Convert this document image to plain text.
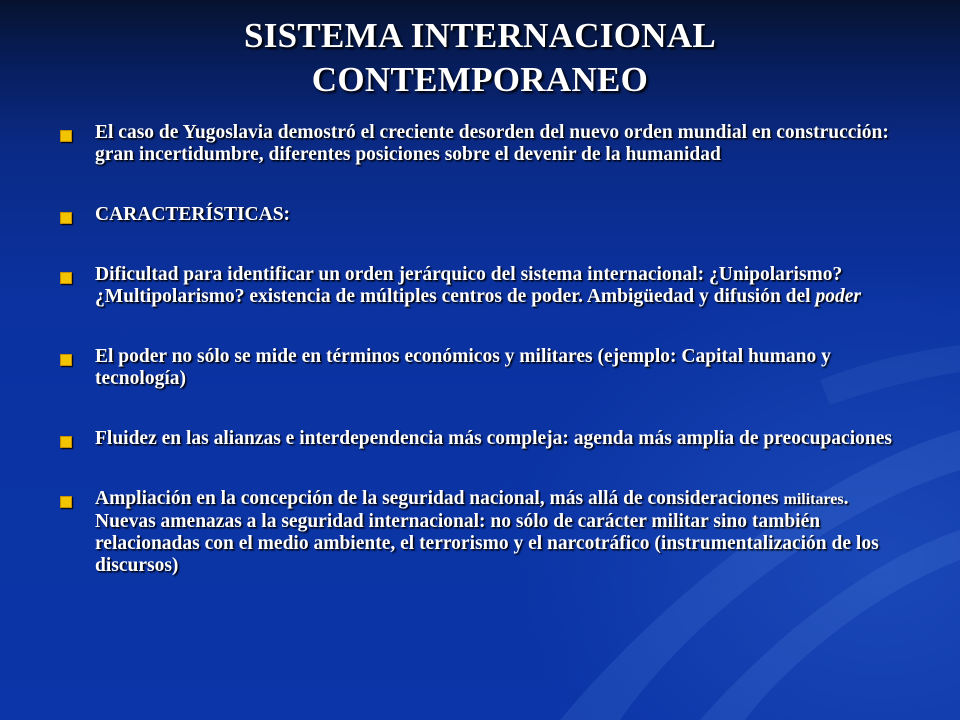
SISTEMA INTERNACIONAL
CONTEMPORANEO
El caso de Yugoslavia demostró el creciente desorden del nuevo orden mundial en construcción: gran incertidumbre, diferentes posiciones sobre el devenir de la humanidad
CARACTERÍSTICAS:
Dificultad para identificar un orden jerárquico del sistema internacional: ¿Unipolarismo? ¿Multipolarismo? existencia de múltiples centros de poder. Ambigüedad y difusión del poder
El poder no sólo se mide en términos económicos y militares (ejemplo: Capital humano y tecnología)
Fluidez en las alianzas e interdependencia más compleja: agenda más amplia de preocupaciones
Ampliación en la concepción de la seguridad nacional, más allá de consideraciones militares. Nuevas amenazas a la seguridad internacional: no sólo de carácter militar sino también relacionadas con el medio ambiente, el terrorismo y el narcotráfico (instrumentalización de los discursos)
